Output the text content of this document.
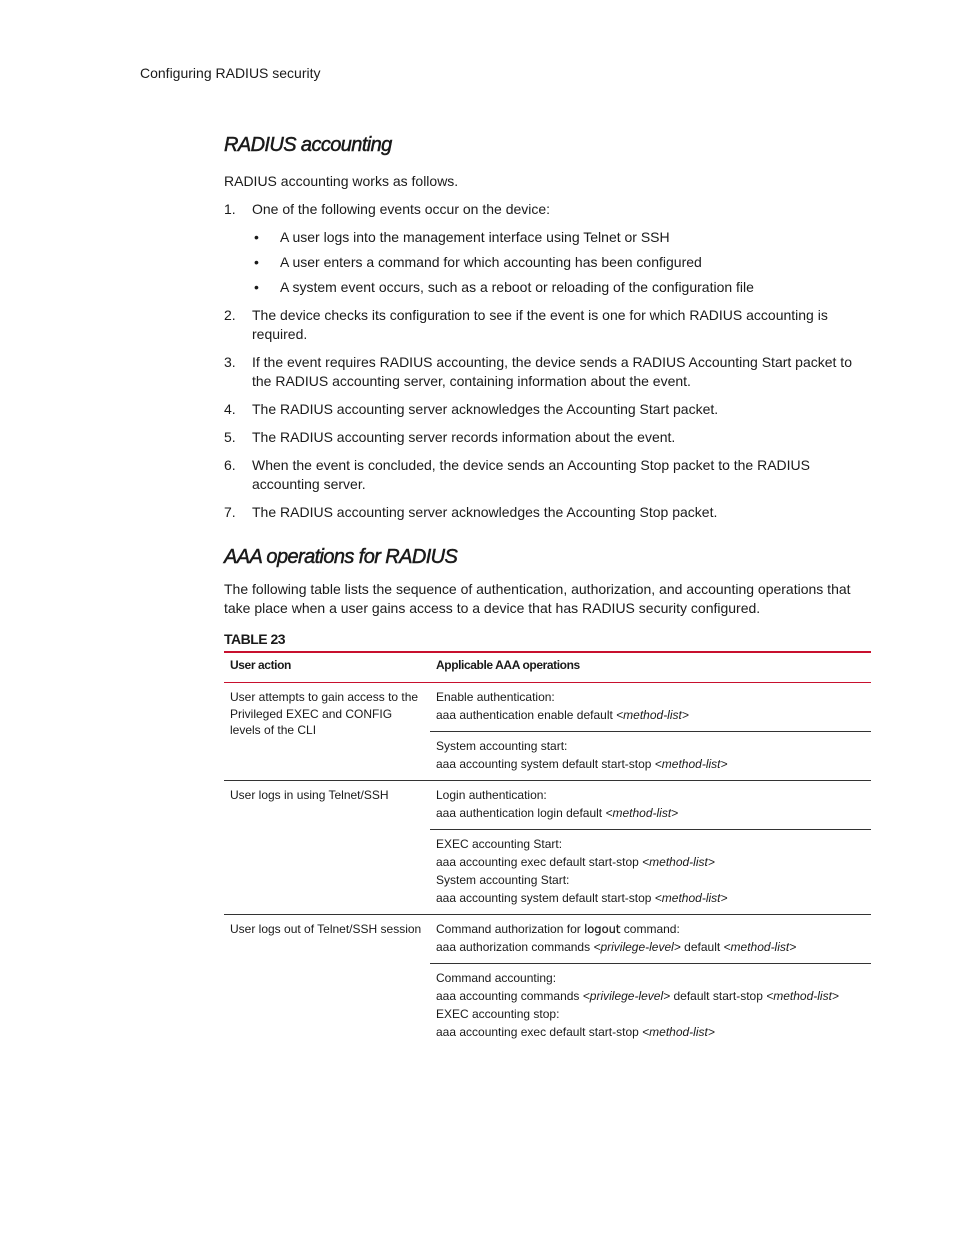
Configuring RADIUS security
RADIUS accounting

RADIUS accounting works as follows.

1. One of the following events occur on the device:
• A user logs into the management interface using Telnet or SSH
• A user enters a command for which accounting has been configured
• A system event occurs, such as a reboot or reloading of the configuration file
2. The device checks its configuration to see if the event is one for which RADIUS accounting is required.
3. If the event requires RADIUS accounting, the device sends a RADIUS Accounting Start packet to the RADIUS accounting server, containing information about the event.
4. The RADIUS accounting server acknowledges the Accounting Start packet.
5. The RADIUS accounting server records information about the event.
6. When the event is concluded, the device sends an Accounting Stop packet to the RADIUS accounting server.
7. The RADIUS accounting server acknowledges the Accounting Stop packet.
AAA operations for RADIUS

The following table lists the sequence of authentication, authorization, and accounting operations that take place when a user gains access to a device that has RADIUS security configured.

TABLE 23
User action	Applicable AAA operations
User attempts to gain access to the Privileged EXEC and CONFIG levels of the CLI	Enable authentication:
aaa authentication enable default <method-list>

	System accounting start:
aaa accounting system default start-stop <method-list>

User logs in using Telnet/SSH	Login authentication:
aaa authentication login default <method-list>

	EXEC accounting Start:
aaa accounting exec default start-stop <method-list>
System accounting Start:
aaa accounting system default start-stop <method-list>

User logs out of Telnet/SSH session	Command authorization for logout command:
aaa authorization commands <privilege-level> default <method-list>

	Command accounting:
aaa accounting commands <privilege-level> default start-stop <method-list>
EXEC accounting stop:
aaa accounting exec default start-stop <method-list>
